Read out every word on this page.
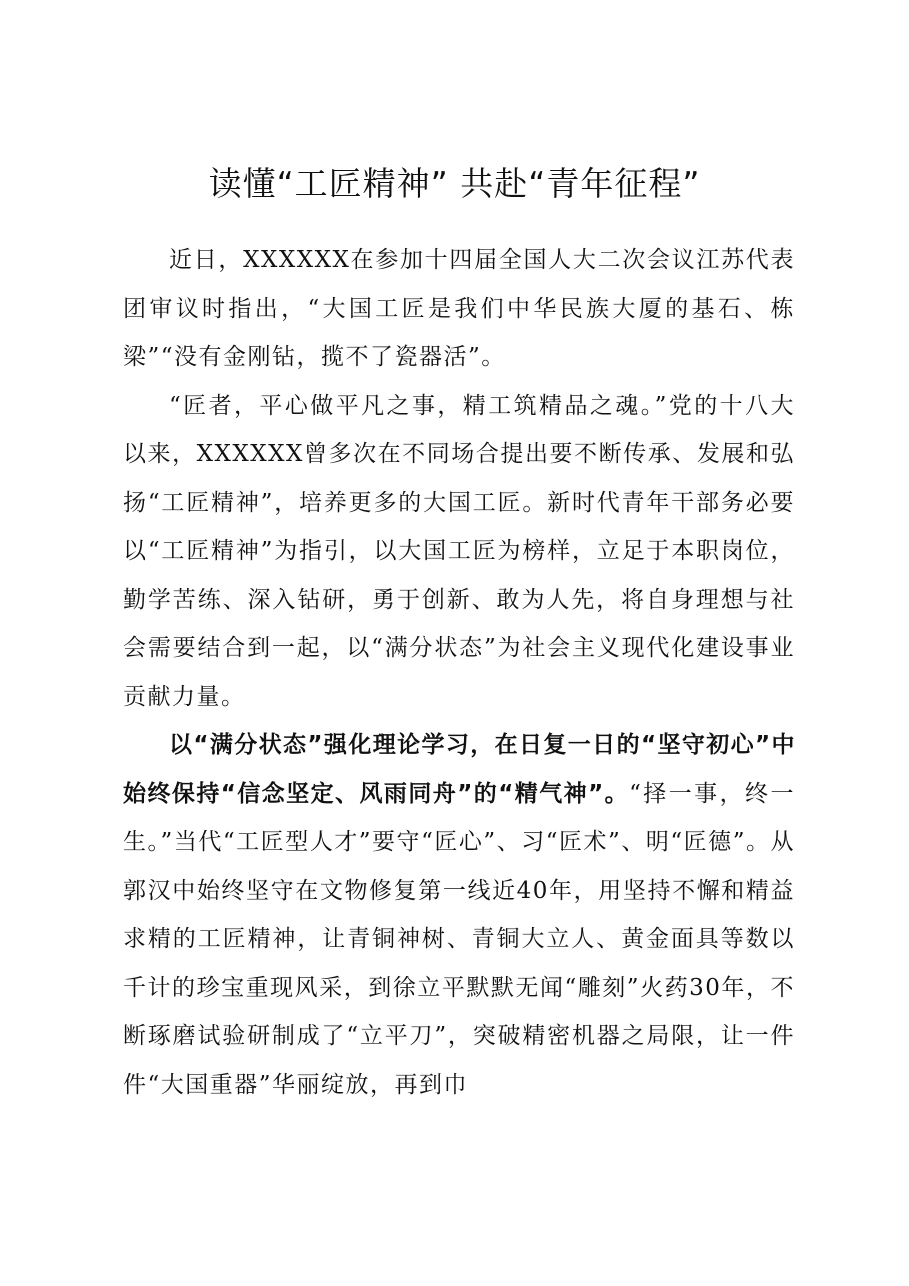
读懂“工匠精神” 共赴“青年征程”

近日，XXXXXX在参加十四届全国人大二次会议江苏代表团审议时指出，“大国工匠是我们中华民族大厦的基石、栋梁”“没有金刚钻，揽不了瓷器活”。

“匠者，平心做平凡之事，精工筑精品之魂。”党的十八大以来，XXXXXX曾多次在不同场合提出要不断传承、发展和弘扬“工匠精神”，培养更多的大国工匠。新时代青年干部务必要以“工匠精神”为指引，以大国工匠为榜样，立足于本职岗位，勤学苦练、深入钻研，勇于创新、敢为人先，将自身理想与社会需要结合到一起，以“满分状态”为社会主义现代化建设事业贡献力量。

以“满分状态”强化理论学习，在日复一日的“坚守初心”中始终保持“信念坚定、风雨同舟”的“精气神”。“择一事，终一生。”当代“工匠型人才”要守“匠心”、习“匠术”、明“匠德”。从郭汉中始终坚守在文物修复第一线近40年，用坚持不懈和精益求精的工匠精神，让青铜神树、青铜大立人、黄金面具等数以千计的珍宝重现风采，到徐立平默默无闻“雕刻”火药30年，不断琢磨试验研制成了“立平刀”，突破精密机器之局限，让一件件“大国重器”华丽绽放，再到巾
